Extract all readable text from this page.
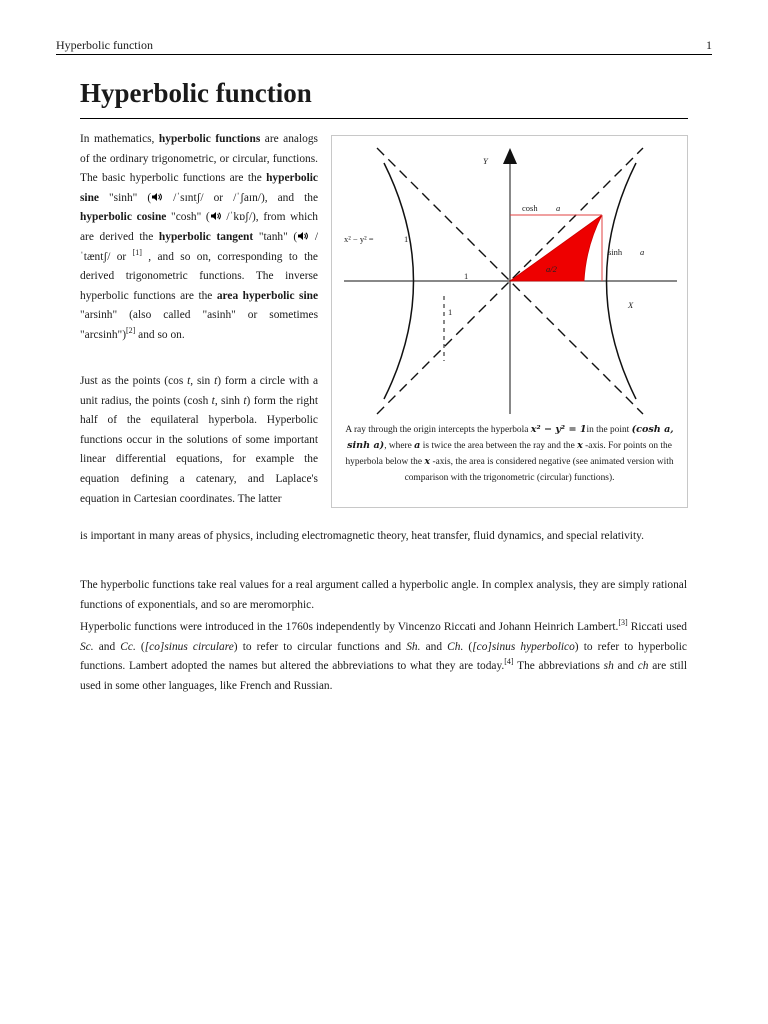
Hyperbolic function	1
Hyperbolic function
In mathematics, hyperbolic functions are analogs of the ordinary trigonometric, or circular, functions. The basic hyperbolic functions are the hyperbolic sine "sinh" ( /ˈsɪntʃ/ or /ˈʃaɪn/), and the hyperbolic cosine "cosh" ( /ˈkɒʃ/), from which are derived the hyperbolic tangent "tanh" ( /ˈtæntʃ/ or [1] , and so on, corresponding to the derived trigonometric functions. The inverse hyperbolic functions are the area hyperbolic sine "arsinh" (also called "asinh" or sometimes "arcsinh")[2] and so on.
Just as the points (cos t, sin t) form a circle with a unit radius, the points (cosh t, sinh t) form the right half of the equilateral hyperbola. Hyperbolic functions occur in the solutions of some important linear differential equations, for example the equation defining a catenary, and Laplace's equation in Cartesian coordinates. The latter
is important in many areas of physics, including electromagnetic theory, heat transfer, fluid dynamics, and special relativity.
The hyperbolic functions take real values for a real argument called a hyperbolic angle. In complex analysis, they are simply rational functions of exponentials, and so are meromorphic.
Hyperbolic functions were introduced in the 1760s independently by Vincenzo Riccati and Johann Heinrich Lambert.[3] Riccati used Sc. and Cc. ([co]sinus circulare) to refer to circular functions and Sh. and Ch. ([co]sinus hyperbolico) to refer to hyperbolic functions. Lambert adopted the names but altered the abbreviations to what they are today.[4] The abbreviations sh and ch are still used in some other languages, like French and Russian.
Y
X
cosh a
sinh a
x² − y² =	1
1
1
a/2
A ray through the origin intercepts the hyperbola x² − y² = 1in the point (cosh a, sinh a), where a is twice the area between the ray and the x -axis. For points on the hyperbola below the x -axis, the area is considered negative (see animated version with comparison with the trigonometric (circular) functions).
